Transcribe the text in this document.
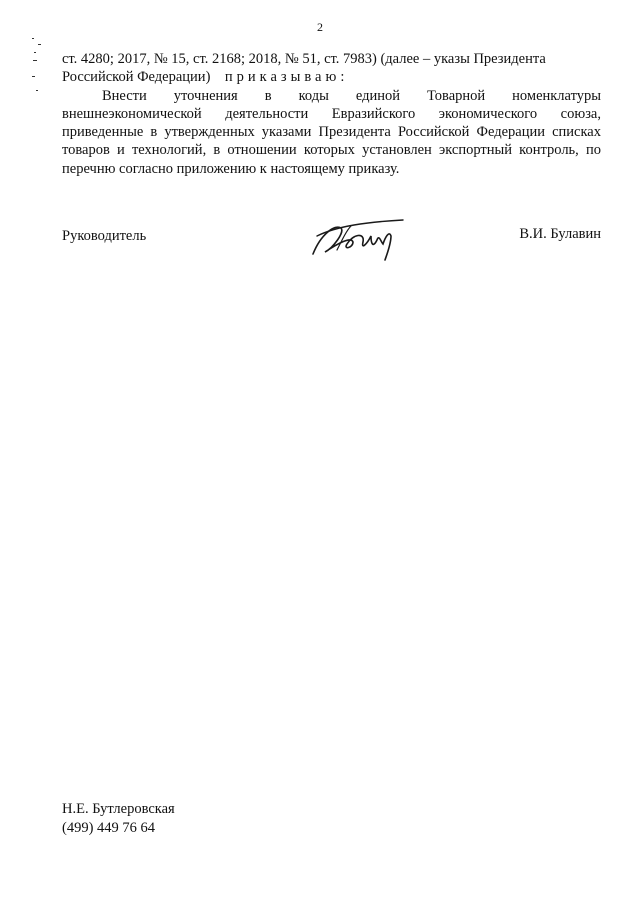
2

ст. 4280; 2017, № 15, ст. 2168; 2018, № 51, ст. 7983) (далее – указы Президента
Российской Федерации) приказываю:

Внести уточнения в коды единой Товарной номенклатуры внешнеэкономической деятельности Евразийского экономического союза, приведенные в утвержденных указами Президента Российской Федерации списках товаров и технологий, в отношении которых установлен экспортный контроль, по перечню согласно приложению к настоящему приказу.

Руководитель	В.И. Булавин
Н.Е. Бутлеровская
(499) 449 76 64
